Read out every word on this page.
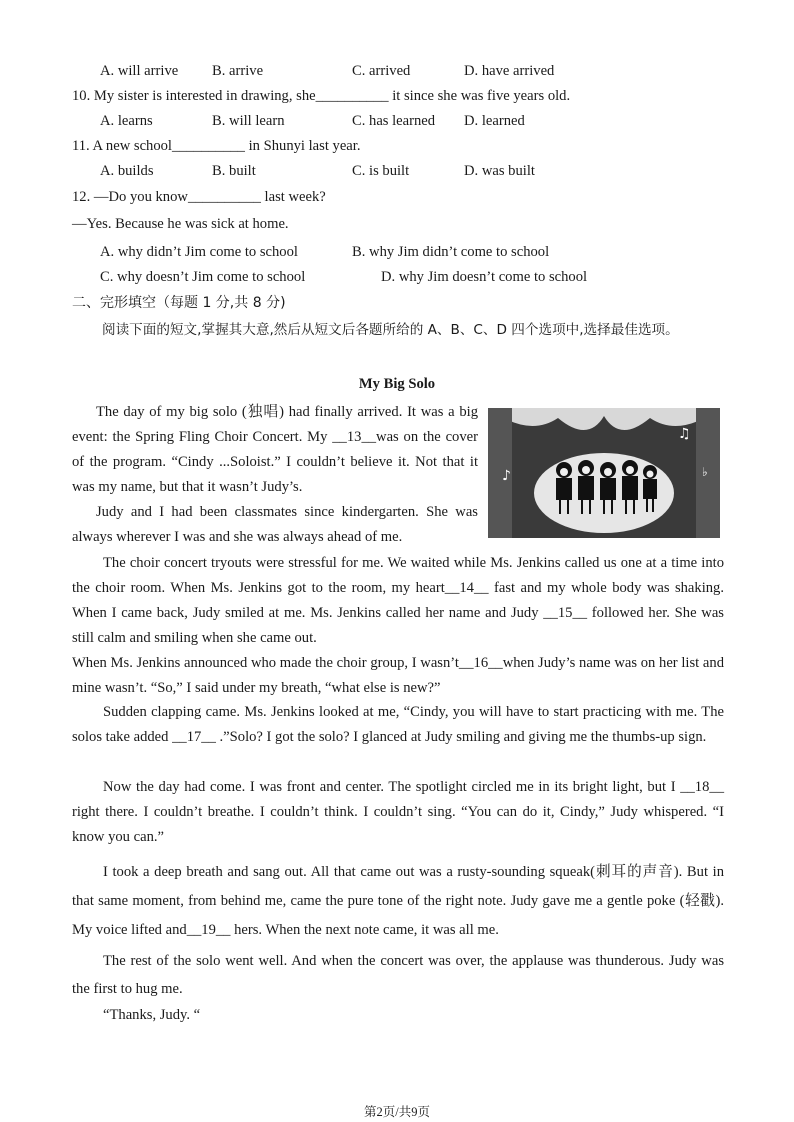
A. will arrive B. arrive	C. arrived	D. have arrived
10. My sister is interested in drawing, she__________ it since she was five years old.
A. learns	B. will learn	C. has learned D. learned
11. A new school__________ in Shunyi last year.
A. builds	B. built	C. is built	D. was built
12. —Do you know__________ last week?
—Yes. Because he was sick at home.
A. why didn’t Jim come to school	B. why Jim didn’t come to school
C. why doesn’t Jim come to school	D. why Jim doesn’t come to school
二、完形填空（每题 1 分,共 8 分)
阅读下面的短文,掌握其大意,然后从短文后各题所给的 A、B、C、D 四个选项中,选择最佳选项。
My Big Solo
♫
♪	♭
The day of my big solo (独唱) had finally arrived. It was a big event: the Spring Fling Choir Concert. My __13__was on the cover of the program. “Cindy ...Soloist.” I couldn’t believe it. Not that it was my name, but that it wasn’t Judy’s.
Judy and I had been classmates since kindergarten. She was always wherever I was and she was always ahead of me.
The choir concert tryouts were stressful for me. We waited while Ms. Jenkins called us one at a time into the choir room. When Ms. Jenkins got to the room, my heart__14__ fast and my whole body was shaking. When I came back, Judy smiled at me. Ms. Jenkins called her name and Judy __15__ followed her. She was still calm and smiling when she came out.
When Ms. Jenkins announced who made the choir group, I wasn’t__16__when Judy’s name was on her list and mine wasn’t. “So,” I said under my breath, “what else is new?”
Sudden clapping came. Ms. Jenkins looked at me, “Cindy, you will have to start practicing with me. The solos take added __17__ .”Solo? I got the solo? I glanced at Judy smiling and giving me the thumbs-up sign.
Now the day had come. I was front and center. The spotlight circled me in its bright light, but I __18__ right there. I couldn’t breathe. I couldn’t think. I couldn’t sing. “You can do it, Cindy,” Judy whispered. “I know you can.”
I took a deep breath and sang out. All that came out was a rusty-sounding squeak(刺耳的声音). But in that same moment, from behind me, came the pure tone of the right note. Judy gave me a gentle poke (轻戳). My voice lifted and__19__ hers. When the next note came, it was all me.
The rest of the solo went well. And when the concert was over, the applause was thunderous. Judy was the first to hug me.
“Thanks, Judy. “
第2页/共9页
